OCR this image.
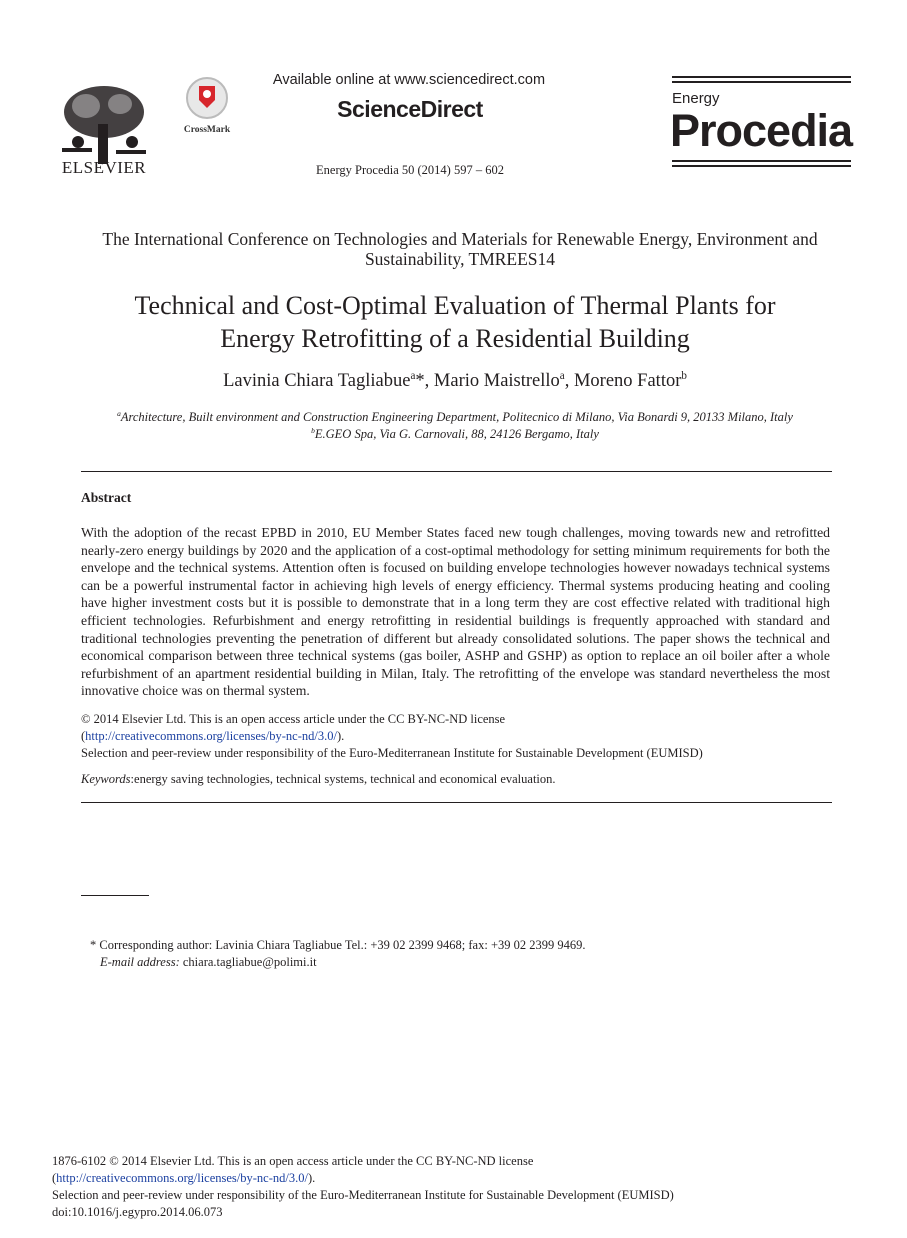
ELSEVIER
CrossMark
Available online at www.sciencedirect.com
ScienceDirect
Energy Procedia 50 (2014) 597 – 602
Energy
Procedia
The International Conference on Technologies and Materials for Renewable Energy, Environment and Sustainability, TMREES14
Technical and Cost-Optimal Evaluation of Thermal Plants for
Energy Retrofitting of a Residential Building
Lavinia Chiara Tagliabue$^a$*, Mario Maistrello$^a$, Moreno Fattor$^b$
$^a$Architecture, Built environment and Construction Engineering Department, Politecnico di Milano, Via Bonardi 9, 20133 Milano, Italy
$^b$E.GEO Spa, Via G. Carnovali, 88, 24126 Bergamo, Italy
Abstract
With the adoption of the recast EPBD in 2010, EU Member States faced new tough challenges, moving towards new and retrofitted nearly-zero energy buildings by 2020 and the application of a cost-optimal methodology for setting minimum requirements for both the envelope and the technical systems. Attention often is focused on building envelope technologies however nowadays technical systems can be a powerful instrumental factor in achieving high levels of energy efficiency. Thermal systems producing heating and cooling have higher investment costs but it is possible to demonstrate that in a long term they are cost effective related with traditional high efficient technologies. Refurbishment and energy retrofitting in residential buildings is frequently approached with standard and traditional technologies preventing the penetration of different but already consolidated solutions. The paper shows the technical and economical comparison between three technical systems (gas boiler, ASHP and GSHP) as option to replace an oil boiler after a whole refurbishment of an apartment residential building in Milan, Italy. The retrofitting of the envelope was standard nevertheless the most innovative choice was on thermal system.
© 2014 Elsevier Ltd. This is an open access article under the CC BY-NC-ND license
(http://creativecommons.org/licenses/by-nc-nd/3.0/).
Selection and peer-review under responsibility of the Euro-Mediterranean Institute for Sustainable Development (EUMISD)
Keywords:energy saving technologies, technical systems, technical and economical evaluation.
* Corresponding author: Lavinia Chiara Tagliabue Tel.: +39 02 2399 9468; fax: +39 02 2399 9469.
E-mail address: chiara.tagliabue@polimi.it
1876-6102 © 2014 Elsevier Ltd. This is an open access article under the CC BY-NC-ND license
(http://creativecommons.org/licenses/by-nc-nd/3.0/).
Selection and peer-review under responsibility of the Euro-Mediterranean Institute for Sustainable Development (EUMISD)
doi:10.1016/j.egypro.2014.06.073
